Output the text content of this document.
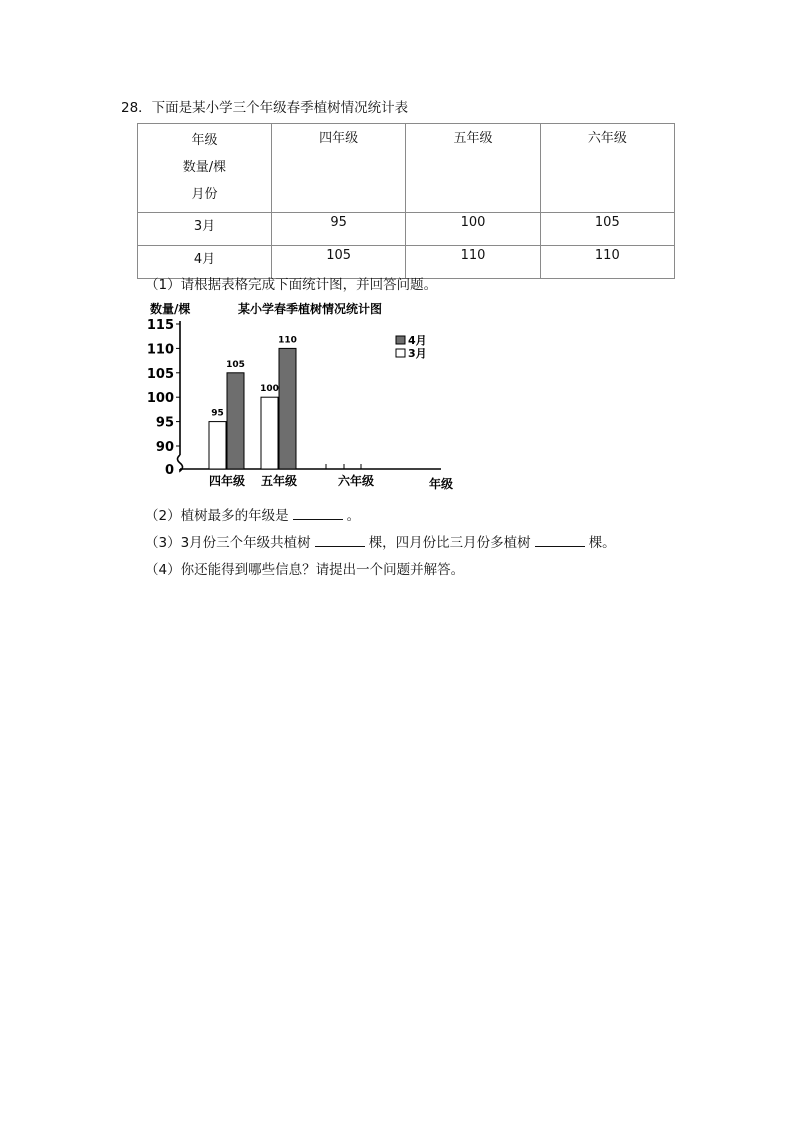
28．下面是某小学三个年级春季植树情况统计表
年级
数量/棵
月份	四年级	五年级	六年级
3月	95	100	105
4月	105	110	110
（1）请根据表格完成下面统计图，并回答问题。
数量/棵	某小学春季植树情况统计图
年级
0
90
95
100
105
110
115
95
100
105
110
四年级 五年级	六年级
4月
3月
（2）植树最多的年级是	。
（3）3月份三个年级共植树	棵，四月份比三月份多植树	棵。
（4）你还能得到哪些信息？请提出一个问题并解答。
